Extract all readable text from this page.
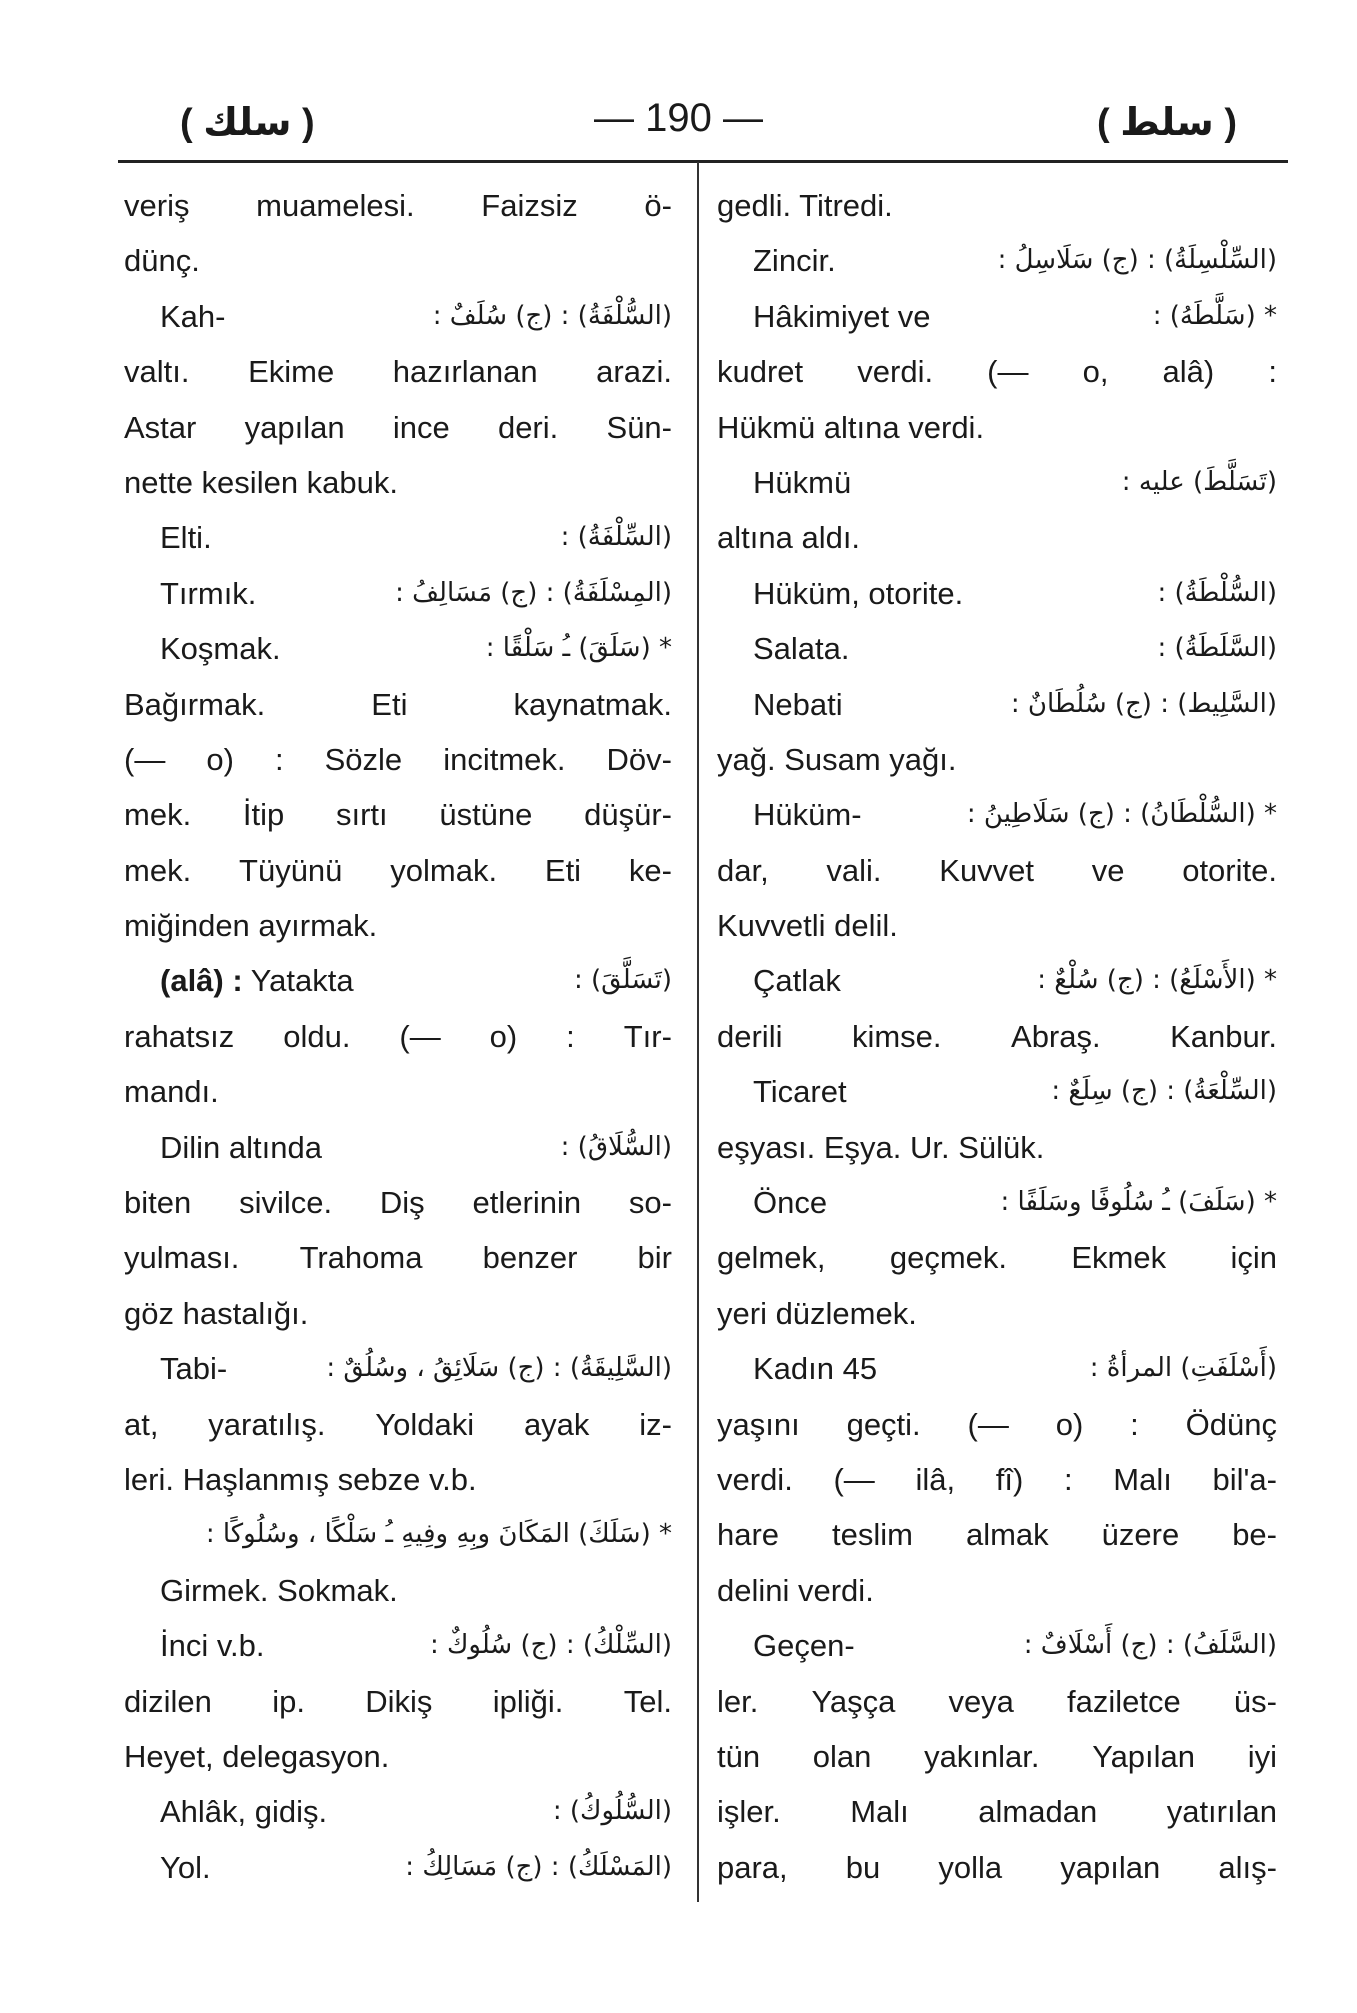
( سلك )	— 190 —	( سلط )
veriş muamelesi. Faizsiz ö-
dünç.
Kah-	(السُّلْفَةُ) : (ج) سُلَفٌ :
valtı. Ekime hazırlanan arazi.
Astar yapılan ince deri. Sün-
nette kesilen kabuk.
Elti.	(السِّلْفَةُ) :
Tırmık.	(المِسْلَفَةُ) : (ج) مَسَالِفُ :
Koşmak.	* (سَلَقَ) ـُ سَلْقًا :
Bağırmak.	Eti	kaynatmak.
(— o) : Sözle incitmek. Döv-
mek. İtip sırtı üstüne düşür-
mek. Tüyünü yolmak. Eti ke-
miğinden ayırmak.
(alâ) : Yatakta	(تَسَلَّقَ) :
rahatsız oldu. (— o) : Tır-
mandı.
Dilin altında	(السُّلَاقُ) :
biten sivilce. Diş etlerinin so-
yulması. Trahoma benzer bir
göz hastalığı.
Tabi-	(السَّلِيقَةُ) : (ج) سَلَائِقُ ، وسُلُقٌ :
at, yaratılış. Yoldaki ayak iz-
leri. Haşlanmış sebze v.b.
* (سَلَكَ) المَكَانَ وبِهِ وفِيهِ ـُ سَلْكًا ، وسُلُوكًا :
Girmek. Sokmak.
İnci v.b.	(السِّلْكُ) : (ج) سُلُوكٌ :
dizilen ip. Dikiş ipliği. Tel.
Heyet, delegasyon.
Ahlâk, gidiş.	(السُّلُوكُ) :
Yol.	(المَسْلَكُ) : (ج) مَسَالِكُ :
gedli. Titredi.
Zincir.	(السِّلْسِلَةُ) : (ج) سَلَاسِلُ :
Hâkimiyet ve	* (سَلَّطَهُ) :
kudret verdi. (— o, alâ) :
Hükmü altına verdi.
Hükmü	(تَسَلَّطَ) عليه :
altına aldı.
Hüküm, otorite.	(السُّلْطَةُ) :
Salata.	(السَّلَطَةُ) :
Nebati	(السَّلِيط) : (ج) سُلُطَانٌ :
yağ. Susam yağı.
Hüküm-	* (السُّلْطَانُ) : (ج) سَلَاطِينُ :
dar, vali. Kuvvet ve otorite.
Kuvvetli delil.
Çatlak	* (الأَسْلَعُ) : (ج) سُلْعٌ :
derili kimse. Abraş. Kanbur.
Ticaret	(السِّلْعَةُ) : (ج) سِلَعٌ :
eşyası. Eşya. Ur. Sülük.
Önce	* (سَلَفَ) ـُ سُلُوفًا وسَلَفًا :
gelmek, geçmek. Ekmek için
yeri düzlemek.
Kadın 45	(أَسْلَفَتِ) المرأةُ :
yaşını geçti. (— o) : Ödünç
verdi. (— ilâ, fî) : Malı bil'a-
hare teslim almak üzere be-
delini verdi.
Geçen-	(السَّلَفُ) : (ج) أَسْلَافٌ :
ler. Yaşça veya faziletce üs-
tün olan yakınlar. Yapılan iyi
işler. Malı almadan yatırılan
para, bu yolla yapılan alış-
